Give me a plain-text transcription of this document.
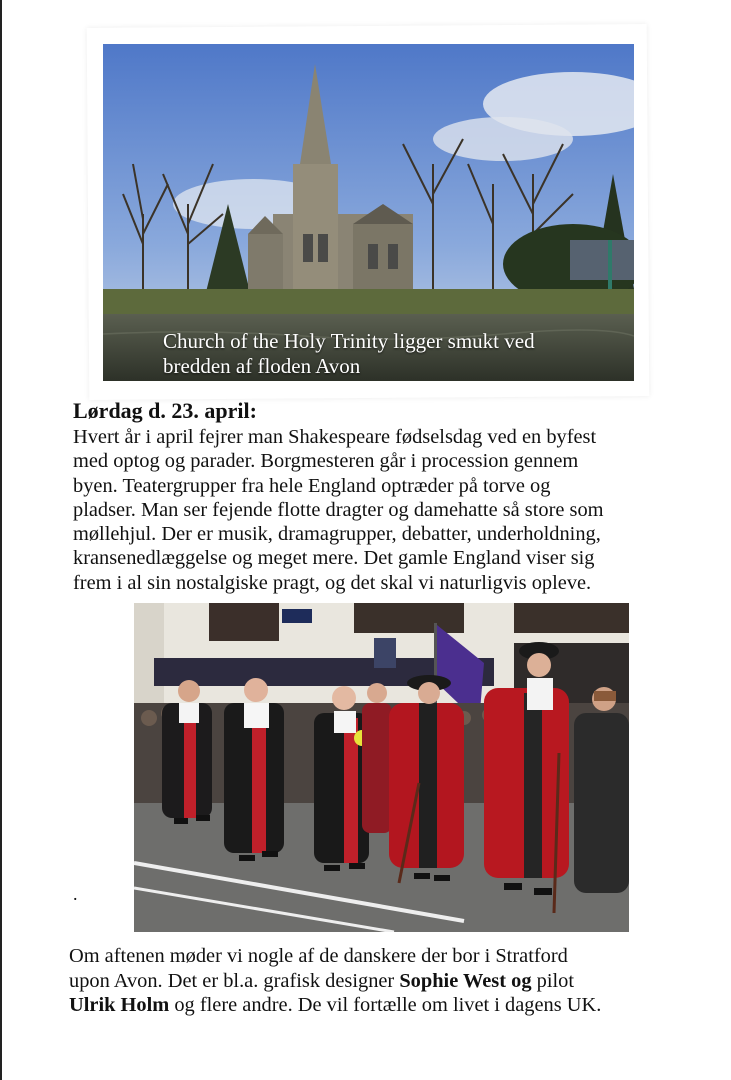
Church of the Holy Trinity ligger smukt ved
bredden af floden Avon
Lørdag d. 23. april:
Hvert år i april fejrer man Shakespeare fødselsdag ved en byfest
med optog og parader. Borgmesteren går i procession gennem
byen. Teatergrupper fra hele England optræder på torve og
pladser. Man ser fejende flotte dragter og damehatte så store som
møllehjul. Der er musik, dramagrupper, debatter, underholdning,
kransenedlæggelse og meget mere. Det gamle England viser sig
frem i al sin nostalgiske pragt, og det skal vi naturligvis opleve.
.
Om aftenen møder vi nogle af de danskere der bor i Stratford
upon Avon. Det er bl.a. grafisk designer Sophie West og pilot
Ulrik Holm og flere andre. De vil fortælle om livet i dagens UK.
